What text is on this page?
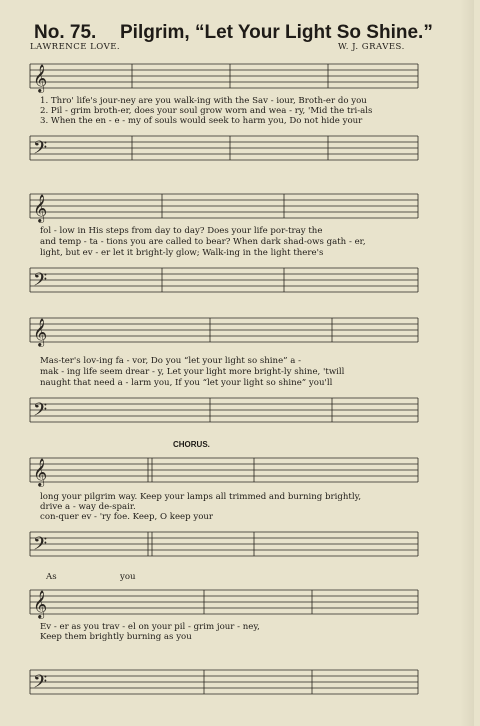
No. 75. Pilgrim, “Let Your Light So Shine.”
LAWRENCE LOVE.	W. J. GRAVES.
𝄞
1. Thro' life's jour-ney are you walk-ing with the Sav - iour, Broth-er do you
2. Pil - grim broth-er, does your soul grow worn and wea - ry, 'Mid the tri-als
3. When the en - e - my of souls would seek to harm you, Do not hide your
𝄢
𝄞
fol - low in His steps from day to day? Does your life por-tray the
and temp - ta - tions you are called to bear? When dark shad-ows gath - er,
light, but ev - er let it bright-ly glow; Walk-ing in the light there's
𝄢
𝄞
Mas-ter's lov-ing fa - vor, Do you “let your light so shine” a -
mak - ing life seem drear - y, Let your light more bright-ly shine, 'twill
naught that need a - larm you, If you “let your light so shine” you'll
𝄢
CHORUS.
𝄞
long your pilgrim way. Keep your lamps all trimmed and burning brightly,
drive a - way de-spair.
con-quer ev - 'ry foe. Keep, O keep your
𝄢
As	you
𝄞
Ev - er as you trav - el on your pil - grim jour - ney,
Keep them brightly burning as you
𝄢
